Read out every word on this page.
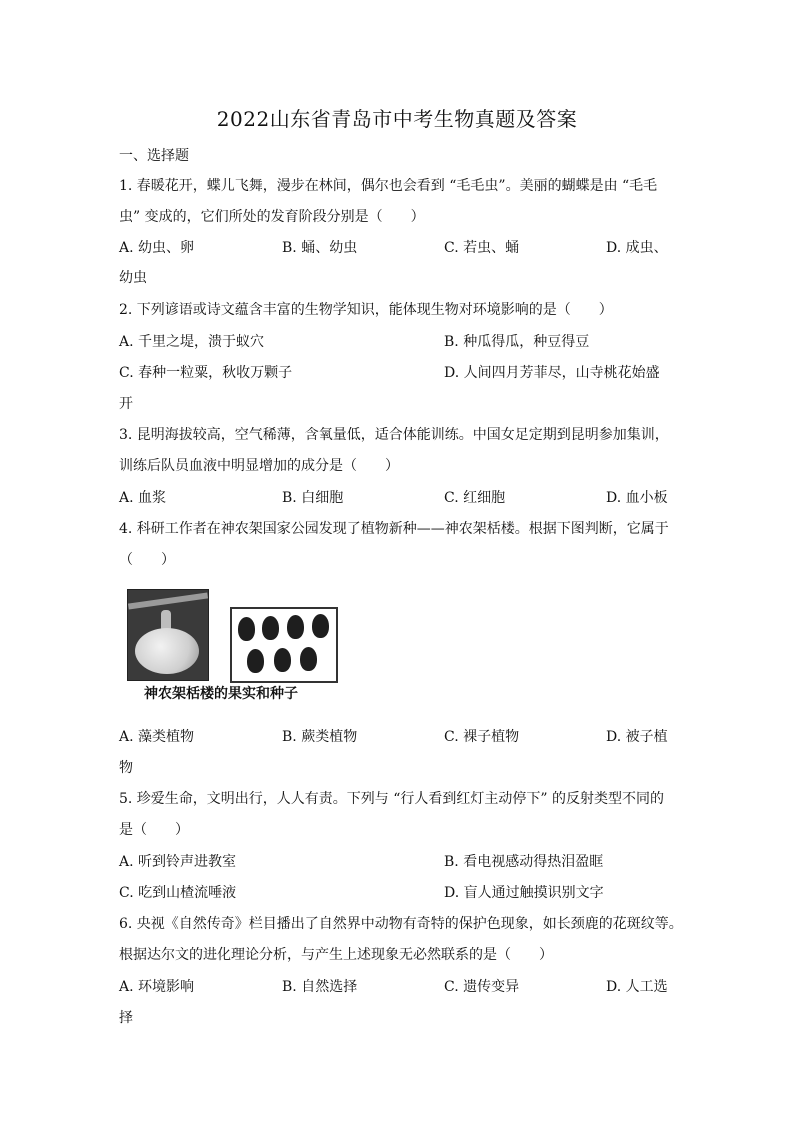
2022山东省青岛市中考生物真题及答案
一、选择题
1. 春暖花开，蝶儿飞舞，漫步在林间，偶尔也会看到 “毛毛虫”。美丽的蝴蝶是由 “毛毛
虫” 变成的，它们所处的发育阶段分别是（　　）
A. 幼虫、卵	B. 蛹、幼虫	C. 若虫、蛹	D. 成虫、
幼虫
2. 下列谚语或诗文蕴含丰富的生物学知识，能体现生物对环境影响的是（　　）
A. 千里之堤，溃于蚁穴	B. 种瓜得瓜，种豆得豆
C. 春种一粒粟，秋收万颗子	D. 人间四月芳菲尽，山寺桃花始盛
开
3. 昆明海拔较高，空气稀薄，含氧量低，适合体能训练。中国女足定期到昆明参加集训，
训练后队员血液中明显增加的成分是（　　）
A. 血浆	B. 白细胞	C. 红细胞	D. 血小板
4. 科研工作者在神农架国家公园发现了植物新种——神农架栝楼。根据下图判断，它属于
（　　）
神农架栝楼的果实和种子
A. 藻类植物	B. 蕨类植物	C. 裸子植物	D. 被子植
物
5. 珍爱生命，文明出行，人人有责。下列与 “行人看到红灯主动停下” 的反射类型不同的
是（　　）
A. 听到铃声进教室	B. 看电视感动得热泪盈眶
C. 吃到山楂流唾液	D. 盲人通过触摸识别文字
6. 央视《自然传奇》栏目播出了自然界中动物有奇特的保护色现象，如长颈鹿的花斑纹等。
根据达尔文的进化理论分析，与产生上述现象无必然联系的是（　　）
A. 环境影响	B. 自然选择	C. 遗传变异	D. 人工选
择
